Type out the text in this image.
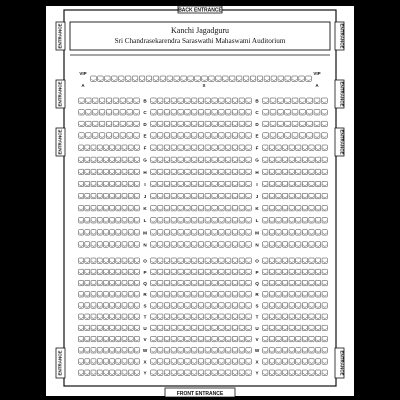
BACK ENTRANCE
FRONT ENTRANCE
ENTRANCE
ENTRANCE
ENTRANCE
ENTRANCE
ENTRANCE
ENTRANCE
ENTRANCE
ENTRANCE
Kanchi Jagadguru
Sri Chandrasekarendra Saraswathi Mahaswami Auditorium
VIP	VIP
A	A
X
B	B
C	C
D	D
E	E
F	F
G	G
H	H
I	I
J	J
K	K
L	L
M	M
N	N
O	O
P	P
Q	Q
R	R
S	S
T	T
U	U
V	V
W	W
X	X
Y	Y
